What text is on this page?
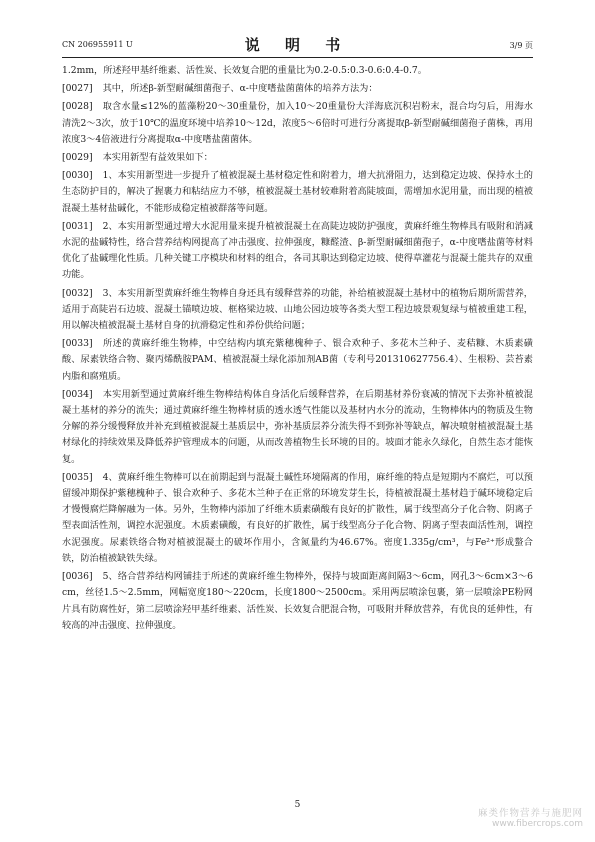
CN 206955911 U	说 明 书	3/9 页

1.2mm，所述羟甲基纤维素、活性炭、长效复合肥的重量比为0.2-0.5:0.3-0.6:0.4-0.7。

[0027] 其中，所述β-新型耐碱细菌孢子、α-中度嗜盐菌菌体的培养方法为：

[0028] 取含水量≤12%的蓝藻粉20～30重量份，加入10～20重量份大洋海底沉积岩粉末，混合均匀后，用海水清洗2～3次，放于10℃的温度环境中培养10～12d，浓度5～6倍时可进行分离提取β-新型耐碱细菌孢子菌株，再用浓度3～4倍液进行分离提取α-中度嗜盐菌菌体。

[0029] 本实用新型有益效果如下：

[0030] 1、本实用新型进一步提升了植被混凝土基材稳定性和附着力，增大抗滑阻力，达到稳定边坡、保持水土的生态防护目的，解决了握裹力和粘结应力不够，植被混凝土基材较难附着高陡坡面，需增加水泥用量，而出现的植被混凝土基材盐碱化，不能形成稳定植被群落等问题。

[0031] 2、本实用新型通过增大水泥用量来提升植被混凝土在高陡边坡防护强度，黄麻纤维生物棒具有吸附和消减水泥的盐碱特性，络合营养结构网提高了冲击强度、拉伸强度，糠醛渣、β-新型耐碱细菌孢子，α-中度嗜盐菌等材料优化了盐碱理化性质。几种关键工序模块和材料的组合，各司其职达到稳定边坡、使得草灌花与混凝土能共存的双重功能。

[0032] 3、本实用新型黄麻纤维生物棒自身还具有缓释营养的功能，补给植被混凝土基材中的植物后期所需营养，适用于高陡岩石边坡、混凝土锚喷边坡、框格梁边坡、山地公园边坡等各类大型工程边坡景观复绿与植被重建工程，用以解决植被混凝土基材自身的抗滑稳定性和养份供给问题；

[0033] 所述的黄麻纤维生物棒，中空结构内填充紫穗槐种子、银合欢种子、多花木兰种子、麦秸糠、木质素磺酸、尿素铁络合物、聚丙烯酰胺PAM、植被混凝土绿化添加剂AB菌（专利号201310627756.4）、生根粉、芸苔素内脂和腐殖质。

[0034] 本实用新型通过黄麻纤维生物棒结构体自身活化后缓释营养，在后期基材养份衰减的情况下去弥补植被混凝土基材的养分的流失；通过黄麻纤维生物棒材质的透水透气性能以及基材内水分的流动，生物棒体内的物质及生物分解的养分缓慢释放并补充到植被混凝土基质层中，弥补基质层养分流失得不到弥补等缺点，解决喷射植被混凝土基材绿化的持续效果及降低养护管理成本的问题，从而改善植物生长环境的目的。坡面才能永久绿化，自然生态才能恢复。

[0035] 4、黄麻纤维生物棒可以在前期起到与混凝土碱性环境隔离的作用，麻纤维的特点是短期内不腐烂，可以预留缓冲期保护紫穗槐种子、银合欢种子、多花木兰种子在正常的环境发芽生长，待植被混凝土基材趋于碱环境稳定后才慢慢腐烂降解融为一体。另外，生物棒内添加了纤维木质素磺酸有良好的扩散性，属于线型高分子化合物、阴离子型表面活性剂，调控水泥强度。木质素磺酸，有良好的扩散性，属于线型高分子化合物、阴离子型表面活性剂，调控水泥强度。尿素铁络合物对植被混凝土的破坏作用小，含氮量约为46.67%。密度1.335g/cm³，与Fe²⁺形成螯合铁，防治植被缺铁失绿。

[0036] 5、络合营养结构网铺挂于所述的黄麻纤维生物棒外，保持与坡面距离间隔3～6cm，网孔3～6cm×3～6cm，丝径1.5～2.5mm，网幅宽度180～220cm，长度1800～2500cm。采用两层喷涂包裹，第一层喷涂PE粉网片具有防腐性好，第二层喷涂羟甲基纤维素、活性炭、长效复合肥混合物，可吸附并释放营养，有优良的延伸性，有较高的冲击强度、拉伸强度。

5
麻类作物营养与施肥网
www.fibercrops.com
